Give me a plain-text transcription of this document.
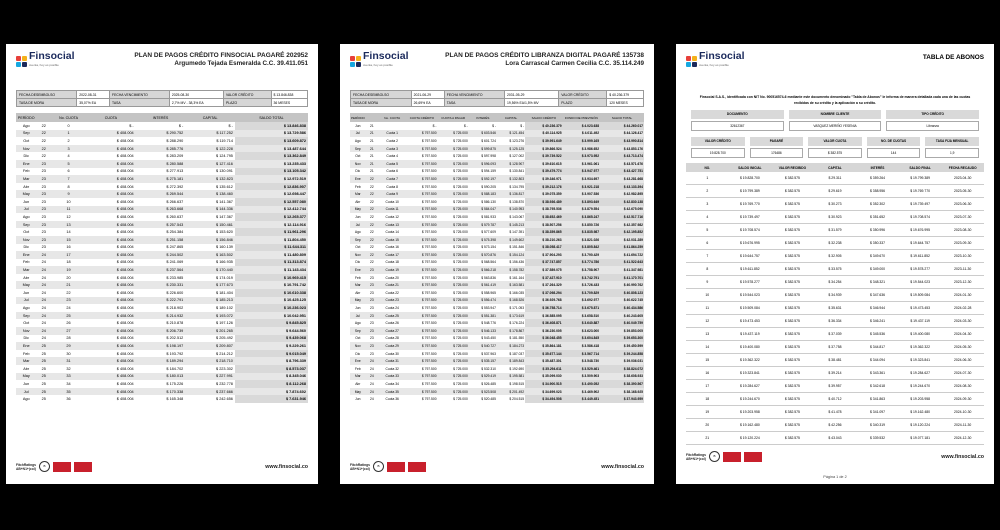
Finsocial
cuenta, hoy es posible
PLAN DE PAGOS CRÉDITO FINSOCIAL PAGARÉ 202952
Argumedo Tejada Esmeralda C.C. 39.411.051
FECHA DESEMBOLSO	2022-08-31	FECHA VENCIMIENTO	2025-08-30	VALOR CRÉDITO	$ 13.846.838
TASA DE MORA	35,07% EA	TASA	2,7% MV - 38,3% EA	PLAZO	36 MESES
PERÍODO		No. CUOTA	CUOTA	INTERÉS	CAPITAL	SALDO TOTAL
Ago	22	0	$ -	$ -	$ -	$ 13.846.838
Sep	22	1	$ 408.004	$ 290.752	$ 117.252	$ 13.729.586
Oct	22	2	$ 408.004	$ 288.290	$ 119.714	$ 13.609.872
Nov	22	3	$ 408.004	$ 285.776	$ 122.228	$ 13.487.644
Dic	22	4	$ 408.004	$ 283.209	$ 124.795	$ 13.362.849
Ene	23	5	$ 408.004	$ 280.588	$ 127.416	$ 13.235.433
Feb	23	6	$ 408.004	$ 277.913	$ 130.091	$ 13.105.342
Mar	23	7	$ 408.004	$ 275.181	$ 132.823	$ 12.972.519
Abr	23	8	$ 408.004	$ 272.392	$ 135.612	$ 12.836.907
May	23	9	$ 408.004	$ 269.544	$ 138.460	$ 12.698.447
Jun	23	10	$ 408.004	$ 266.637	$ 141.367	$ 12.557.080
Jul	23	11	$ 408.004	$ 263.668	$ 144.336	$ 12.412.744
Ago	23	12	$ 408.004	$ 260.637	$ 147.367	$ 12.265.377
Sep	23	13	$ 408.004	$ 257.543	$ 150.461	$ 12.114.916
Oct	23	14	$ 408.004	$ 254.384	$ 153.620	$ 11.961.296
Nov	23	15	$ 408.004	$ 251.158	$ 156.846	$ 11.804.450
Dic	23	16	$ 408.004	$ 247.865	$ 160.139	$ 11.644.311
Ene	24	17	$ 408.004	$ 244.502	$ 163.502	$ 11.480.809
Feb	24	18	$ 408.004	$ 241.069	$ 166.935	$ 11.313.874
Mar	24	19	$ 408.004	$ 237.564	$ 170.440	$ 11.143.434
Abr	24	20	$ 408.004	$ 233.985	$ 174.019	$ 10.969.415
May	24	21	$ 408.004	$ 230.331	$ 177.673	$ 10.791.742
Jun	24	22	$ 408.004	$ 226.600	$ 181.404	$ 10.610.338
Jul	24	23	$ 408.004	$ 222.791	$ 185.213	$ 10.425.125
Ago	24	24	$ 408.004	$ 218.902	$ 189.102	$ 10.236.023
Sep	24	25	$ 408.004	$ 214.932	$ 193.072	$ 10.042.951
Oct	24	26	$ 408.004	$ 210.878	$ 197.126	$ 9.845.825
Nov	24	27	$ 408.004	$ 206.739	$ 201.265	$ 9.644.560
Dic	24	28	$ 408.004	$ 202.512	$ 205.492	$ 9.439.068
Ene	25	29	$ 408.004	$ 198.197	$ 209.807	$ 9.229.261
Feb	25	30	$ 408.004	$ 193.792	$ 214.212	$ 9.015.049
Mar	25	31	$ 408.004	$ 189.294	$ 218.710	$ 8.796.339
Abr	25	32	$ 408.004	$ 184.702	$ 223.302	$ 8.573.037
May	25	33	$ 408.004	$ 180.013	$ 227.991	$ 8.345.046
Jun	25	34	$ 408.004	$ 175.226	$ 232.778	$ 8.112.268
Jul	25	35	$ 408.004	$ 170.338	$ 237.666	$ 7.874.602
Ago	25	36	$ 408.004	$ 165.348	$ 242.656	$ 7.631.946
FitchRatings
AB+N1+(col)
B	www.finsocial.co
Finsocial
cuenta, hoy es posible
PLAN DE PAGOS CRÉDITO LIBRANZA DIGITAL PAGARÉ 135738
Lora Carrascal Carmen Cecilia C.C. 35.114.249
FECHA DESEMBOLSO	2021-06-29	FECHA VENCIMIENTO	2031-05-29	VALOR CRÉDITO	$ 40.236.379
TASA DE MORA	26,69% EA	TASA	19,56% EA/1,5% MV	PLAZO	120 MESES
PERÍODO		No. CUOTA	CUOTA CRÉDITO	CUOTA A PAGAR	INTERÉS	CAPITAL	SALDO CRÉDITO	FONDO DE PREVISIÓN	SALDO TOTAL
Jun	21		$ -	$ -	$ -	$ -	$ 40.236.379	$ 4.023.638	$ 44.260.017
Jul	21	Cuota 1	$ 797.500	$ 725.000	$ 603.546	$ 121.454	$ 40.114.925	$ 4.011.492	$ 44.126.417
Ago	21	Cuota 2	$ 797.500	$ 725.000	$ 601.724	$ 123.276	$ 39.991.649	$ 3.999.165	$ 43.990.814
Sep	21	Cuota 3	$ 797.500	$ 725.000	$ 599.875	$ 125.125	$ 39.866.524	$ 3.986.652	$ 43.853.176
Oct	21	Cuota 4	$ 797.500	$ 725.000	$ 597.998	$ 127.002	$ 39.739.522	$ 3.973.952	$ 43.713.474
Nov	21	Cuota 5	$ 797.500	$ 725.000	$ 596.093	$ 128.907	$ 39.610.615	$ 3.961.061	$ 43.571.676
Dic	21	Cuota 6	$ 797.500	$ 725.000	$ 594.159	$ 130.841	$ 39.479.774	$ 3.947.977	$ 43.427.751
Ene	22	Cuota 7	$ 797.500	$ 725.000	$ 592.197	$ 132.803	$ 39.346.971	$ 3.934.697	$ 43.281.668
Feb	22	Cuota 8	$ 797.500	$ 725.000	$ 590.205	$ 134.795	$ 39.212.176	$ 3.921.218	$ 43.133.394
Mar	22	Cuota 9	$ 797.500	$ 725.000	$ 588.183	$ 136.817	$ 39.075.359	$ 3.907.536	$ 42.982.895
Abr	22	Cuota 10	$ 797.500	$ 725.000	$ 586.130	$ 138.870	$ 38.936.489	$ 3.893.649	$ 42.830.138
May	22	Cuota 11	$ 797.500	$ 725.000	$ 584.047	$ 140.953	$ 38.795.536	$ 3.879.554	$ 42.675.090
Jun	22	Cuota 12	$ 797.500	$ 725.000	$ 581.933	$ 143.067	$ 38.652.469	$ 3.865.247	$ 42.517.716
Jul	22	Cuota 13	$ 797.500	$ 725.000	$ 579.787	$ 145.213	$ 38.507.256	$ 3.850.726	$ 42.357.982
Ago	22	Cuota 14	$ 797.500	$ 725.000	$ 577.609	$ 147.391	$ 38.359.865	$ 3.835.987	$ 42.195.852
Sep	22	Cuota 15	$ 797.500	$ 725.000	$ 575.398	$ 149.602	$ 38.210.263	$ 3.821.026	$ 42.031.289
Oct	22	Cuota 16	$ 797.500	$ 725.000	$ 573.154	$ 151.846	$ 38.058.417	$ 3.805.842	$ 41.864.259
Nov	22	Cuota 17	$ 797.500	$ 725.000	$ 570.876	$ 154.124	$ 37.904.293	$ 3.790.429	$ 41.694.722
Dic	22	Cuota 18	$ 797.500	$ 725.000	$ 568.564	$ 156.436	$ 37.747.857	$ 3.774.786	$ 41.522.643
Ene	23	Cuota 19	$ 797.500	$ 725.000	$ 566.218	$ 158.782	$ 37.589.075	$ 3.758.907	$ 41.347.981
Feb	23	Cuota 20	$ 797.500	$ 725.000	$ 563.836	$ 161.164	$ 37.427.910	$ 3.742.791	$ 41.170.701
Mar	23	Cuota 21	$ 797.500	$ 725.000	$ 561.419	$ 163.581	$ 37.264.329	$ 3.726.433	$ 40.990.762
Abr	23	Cuota 22	$ 797.500	$ 725.000	$ 558.965	$ 166.035	$ 37.098.294	$ 3.709.829	$ 40.808.123
May	23	Cuota 23	$ 797.500	$ 725.000	$ 556.474	$ 168.526	$ 36.929.768	$ 3.692.977	$ 40.622.745
Jun	23	Cuota 24	$ 797.500	$ 725.000	$ 553.947	$ 171.053	$ 36.758.714	$ 3.675.871	$ 40.434.586
Jul	23	Cuota 25	$ 797.500	$ 725.000	$ 551.381	$ 173.619	$ 36.585.095	$ 3.658.510	$ 40.243.605
Ago	23	Cuota 26	$ 797.500	$ 725.000	$ 548.776	$ 176.224	$ 36.408.871	$ 3.640.887	$ 40.049.759
Sep	23	Cuota 27	$ 797.500	$ 725.000	$ 546.133	$ 178.867	$ 36.230.005	$ 3.623.000	$ 39.853.005
Oct	23	Cuota 28	$ 797.500	$ 725.000	$ 543.450	$ 181.550	$ 36.048.455	$ 3.604.845	$ 39.653.300
Nov	23	Cuota 29	$ 797.500	$ 725.000	$ 540.727	$ 184.273	$ 35.864.181	$ 3.586.418	$ 39.450.599
Dic	23	Cuota 30	$ 797.500	$ 725.000	$ 537.963	$ 187.037	$ 35.677.144	$ 3.567.714	$ 39.244.858
Ene	24	Cuota 31	$ 797.500	$ 725.000	$ 535.157	$ 189.843	$ 35.487.301	$ 3.548.730	$ 39.036.031
Feb	24	Cuota 32	$ 797.500	$ 725.000	$ 532.310	$ 192.690	$ 35.294.611	$ 3.529.461	$ 38.824.072
Mar	24	Cuota 33	$ 797.500	$ 725.000	$ 529.419	$ 195.581	$ 35.099.030	$ 3.509.903	$ 38.608.933
Abr	24	Cuota 34	$ 797.500	$ 725.000	$ 526.485	$ 198.515	$ 34.900.515	$ 3.490.052	$ 38.390.567
May	24	Cuota 35	$ 797.500	$ 725.000	$ 523.508	$ 201.492	$ 34.699.023	$ 3.469.902	$ 38.168.925
Jun	24	Cuota 36	$ 797.500	$ 725.000	$ 520.485	$ 204.515	$ 34.494.508	$ 3.449.451	$ 37.943.959
FitchRatings
AB+N1+(col)
B	www.finsocial.co
Finsocial
cuenta, hoy es posible
TABLA DE ABONOS
Finsocial S.A.S., identificada con NIT No. 900516574-6 mediante este documento denominado "Tabla de Abonos" le informa de manera detallada cada una de las cuotas recibidas de su crédito y la aplicación a su crédito.
DOCUMENTO	NOMBRE CLIENTE	TIPO CRÉDITO
32612367	VASQUEZ MERIÑO YESENIA	Libranza
VALOR CRÉDITO	PAGARÉ	VALOR CUOTA	NO. DE CUOTAS	TASA FIJA MENSUAL
19.828.700	176486	$ 382.575	144	1,9
NO.	SALDO INICIAL	VALOR RECIBIDO	CAPITAL	INTERÉS	SALDO FINAL	FECHA RECAUDO
1	$ 19.828.700	$ 382.575	$ 29.311	$ 359.264	$ 19.799.389	2023-04-30
2	$ 19.799.389	$ 382.575	$ 29.619	$ 358.956	$ 19.769.770	2023-05-30
3	$ 19.769.770	$ 382.575	$ 30.273	$ 352.302	$ 19.739.497	2023-06-30
4	$ 19.739.497	$ 382.575	$ 30.923	$ 351.652	$ 19.708.574	2023-07-30
5	$ 19.708.574	$ 382.575	$ 31.579	$ 350.996	$ 19.676.995	2023-08-30
6	$ 19.676.995	$ 382.575	$ 32.238	$ 350.337	$ 19.644.757	2023-09-30
7	$ 19.644.757	$ 382.575	$ 32.905	$ 349.670	$ 19.611.852	2023-10-30
8	$ 19.611.852	$ 382.575	$ 33.575	$ 349.000	$ 19.578.277	2023-11-30
9	$ 19.578.277	$ 382.575	$ 34.254	$ 348.321	$ 19.544.023	2023-12-30
10	$ 19.544.023	$ 382.575	$ 34.939	$ 347.636	$ 19.509.084	2024-01-30
11	$ 19.509.084	$ 382.575	$ 35.631	$ 346.944	$ 19.473.453	2024-02-28
12	$ 19.473.453	$ 382.575	$ 36.334	$ 346.241	$ 19.437.119	2024-03-30
13	$ 19.437.119	$ 382.575	$ 37.039	$ 345.536	$ 19.400.080	2024-04-30
14	$ 19.400.080	$ 382.575	$ 37.758	$ 344.817	$ 19.362.322	2024-05-30
15	$ 19.362.322	$ 382.575	$ 38.481	$ 344.094	$ 19.323.841	2024-06-30
16	$ 19.323.841	$ 382.575	$ 39.214	$ 343.361	$ 19.284.627	2024-07-30
17	$ 19.284.627	$ 382.575	$ 39.957	$ 342.618	$ 19.244.670	2024-08-30
18	$ 19.244.670	$ 382.575	$ 40.712	$ 341.863	$ 19.203.958	2024-09-30
19	$ 19.203.958	$ 382.575	$ 41.478	$ 341.097	$ 19.162.480	2024-10-30
20	$ 19.162.480	$ 382.575	$ 42.256	$ 340.319	$ 19.120.224	2024-11-30
21	$ 19.120.224	$ 382.575	$ 43.043	$ 339.532	$ 19.077.181	2024-12-30
FitchRatings
AB+N1+(col)
B	www.finsocial.co
Página 1 de 2
